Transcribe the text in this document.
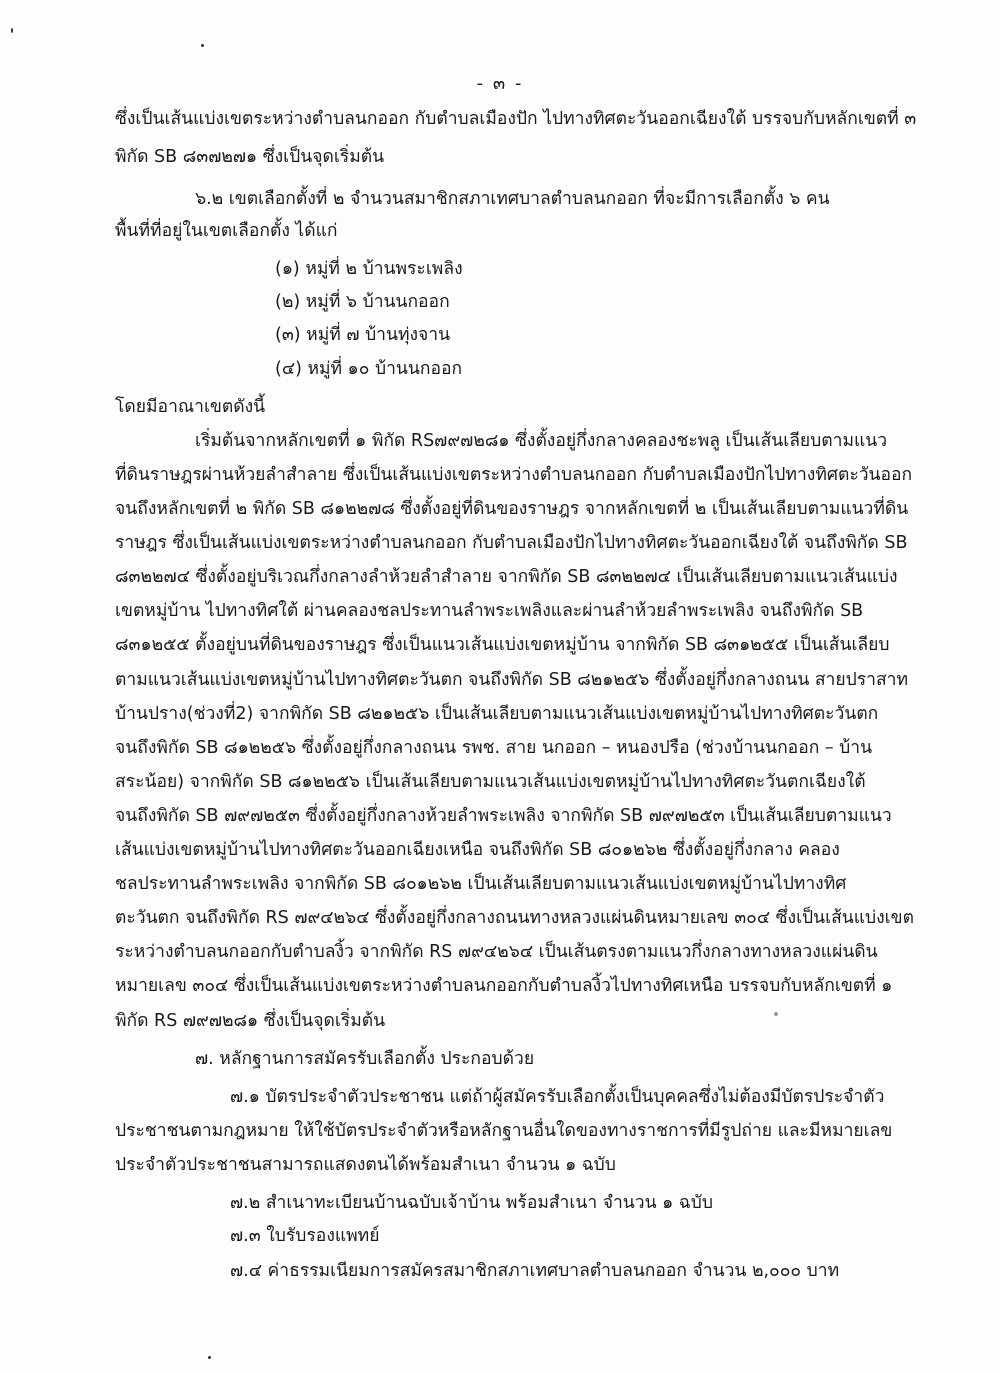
- ๓ -
ซึ่งเป็นเส้นแบ่งเขตระหว่างตำบลนกออก กับตำบลเมืองปัก ไปทางทิศตะวันออกเฉียงใต้ บรรจบกับหลักเขตที่ ๓
พิกัด SB ๘๓๗๒๗๑ ซึ่งเป็นจุดเริ่มต้น
๖.๒ เขตเลือกตั้งที่ ๒ จำนวนสมาชิกสภาเทศบาลตำบลนกออก ที่จะมีการเลือกตั้ง ๖ คน
พื้นที่ที่อยู่ในเขตเลือกตั้ง ได้แก่
(๑) หมู่ที่ ๒ บ้านพระเพลิง
(๒) หมู่ที่ ๖ บ้านนกออก
(๓) หมู่ที่ ๗ บ้านทุ่งจาน
(๔) หมู่ที่ ๑๐ บ้านนกออก
โดยมีอาณาเขตดังนี้
เริ่มต้นจากหลักเขตที่ ๑ พิกัด RS๗๙๗๒๘๑ ซึ่งตั้งอยู่กึ่งกลางคลองชะพลู เป็นเส้นเลียบตามแนว
ที่ดินราษฎรผ่านห้วยลำสำลาย ซึ่งเป็นเส้นแบ่งเขตระหว่างตำบลนกออก กับตำบลเมืองปักไปทางทิศตะวันออก
จนถึงหลักเขตที่ ๒ พิกัด SB ๘๑๒๒๗๘ ซึ่งตั้งอยู่ที่ดินของราษฎร จากหลักเขตที่ ๒ เป็นเส้นเลียบตามแนวที่ดิน
ราษฎร ซึ่งเป็นเส้นแบ่งเขตระหว่างตำบลนกออก กับตำบลเมืองปักไปทางทิศตะวันออกเฉียงใต้ จนถึงพิกัด SB
๘๓๒๒๗๔ ซึ่งตั้งอยู่บริเวณกึ่งกลางลำห้วยลำสำลาย จากพิกัด SB ๘๓๒๒๗๔ เป็นเส้นเลียบตามแนวเส้นแบ่ง
เขตหมู่บ้าน ไปทางทิศใต้ ผ่านคลองชลประทานลำพระเพลิงและผ่านลำห้วยลำพระเพลิง จนถึงพิกัด SB
๘๓๑๒๕๕ ตั้งอยู่บนที่ดินของราษฎร ซึ่งเป็นแนวเส้นแบ่งเขตหมู่บ้าน จากพิกัด SB ๘๓๑๒๕๕ เป็นเส้นเลียบ
ตามแนวเส้นแบ่งเขตหมู่บ้านไปทางทิศตะวันตก จนถึงพิกัด SB ๘๒๑๒๕๖ ซึ่งตั้งอยู่กึ่งกลางถนน สายปราสาท
บ้านปราง(ช่วงที่2) จากพิกัด SB ๘๒๑๒๕๖ เป็นเส้นเลียบตามแนวเส้นแบ่งเขตหมู่บ้านไปทางทิศตะวันตก
จนถึงพิกัด SB ๘๑๒๒๕๖ ซึ่งตั้งอยู่กึ่งกลางถนน รพช. สาย นกออก – หนองปรือ (ช่วงบ้านนกออก – บ้าน
สระน้อย) จากพิกัด SB ๘๑๒๒๕๖ เป็นเส้นเลียบตามแนวเส้นแบ่งเขตหมู่บ้านไปทางทิศตะวันตกเฉียงใต้
จนถึงพิกัด SB ๗๙๗๒๕๓ ซึ่งตั้งอยู่กึ่งกลางห้วยลำพระเพลิง จากพิกัด SB ๗๙๗๒๕๓ เป็นเส้นเลียบตามแนว
เส้นแบ่งเขตหมู่บ้านไปทางทิศตะวันออกเฉียงเหนือ จนถึงพิกัด SB ๘๐๑๒๖๒ ซึ่งตั้งอยู่กึ่งกลาง คลอง
ชลประทานลำพระเพลิง จากพิกัด SB ๘๐๑๒๖๒ เป็นเส้นเลียบตามแนวเส้นแบ่งเขตหมู่บ้านไปทางทิศ
ตะวันตก จนถึงพิกัด RS ๗๙๔๒๖๔ ซึ่งตั้งอยู่กึ่งกลางถนนทางหลวงแผ่นดินหมายเลข ๓๐๔ ซึ่งเป็นเส้นแบ่งเขต
ระหว่างตำบลนกออกกับตำบลงิ้ว จากพิกัด RS ๗๙๔๒๖๔ เป็นเส้นตรงตามแนวกึ่งกลางทางหลวงแผ่นดิน
หมายเลข ๓๐๔ ซึ่งเป็นเส้นแบ่งเขตระหว่างตำบลนกออกกับตำบลงิ้วไปทางทิศเหนือ บรรจบกับหลักเขตที่ ๑
พิกัด RS ๗๙๗๒๘๑ ซึ่งเป็นจุดเริ่มต้น
๗. หลักฐานการสมัครรับเลือกตั้ง ประกอบด้วย
๗.๑ บัตรประจำตัวประชาชน แต่ถ้าผู้สมัครรับเลือกตั้งเป็นบุคคลซึ่งไม่ต้องมีบัตรประจำตัว
ประชาชนตามกฎหมาย ให้ใช้บัตรประจำตัวหรือหลักฐานอื่นใดของทางราชการที่มีรูปถ่าย และมีหมายเลข
ประจำตัวประชาชนสามารถแสดงตนได้พร้อมสำเนา จำนวน ๑ ฉบับ
๗.๒ สำเนาทะเบียนบ้านฉบับเจ้าบ้าน พร้อมสำเนา จำนวน ๑ ฉบับ
๗.๓ ใบรับรองแพทย์
๗.๔ ค่าธรรมเนียมการสมัครสมาชิกสภาเทศบาลตำบลนกออก จำนวน ๒,๐๐๐ บาท
